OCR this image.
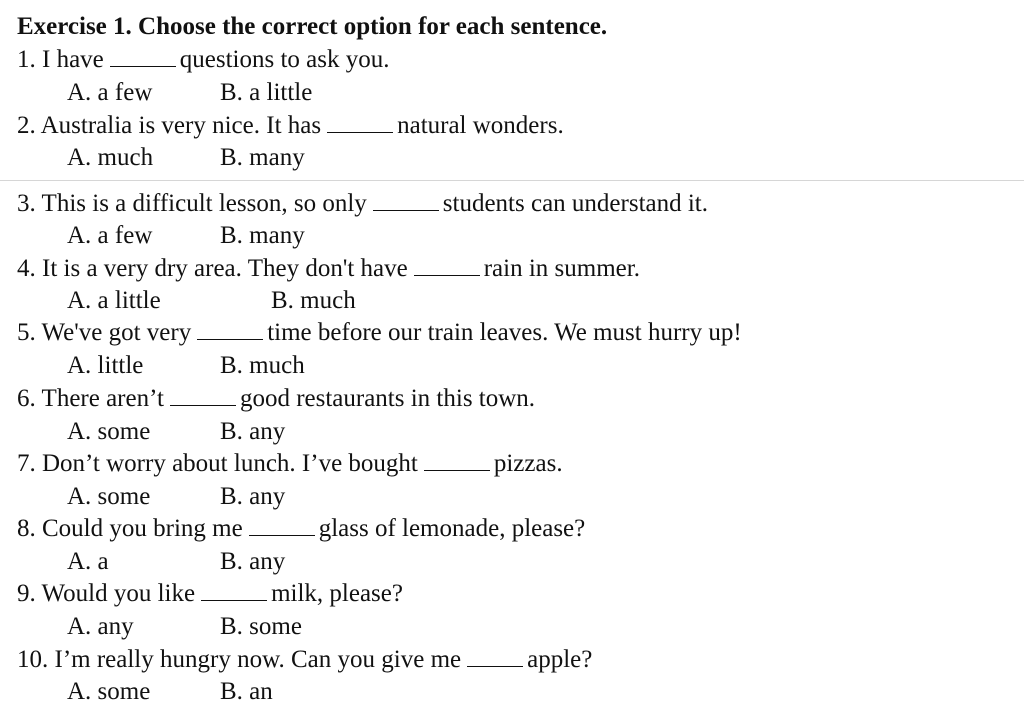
Exercise 1. Choose the correct option for each sentence.
1. I have	questions to ask you.
A. a few	B. a little
2. Australia is very nice. It has	natural wonders.
A. much	B. many
3. This is a difficult lesson, so only	students can understand it.
A. a few	B. many
4. It is a very dry area. They don't have	rain in summer.
A. a little	B. much
5. We've got very	time before our train leaves. We must hurry up!
A. little	B. much
6. There aren’t	good restaurants in this town.
A. some	B. any
7. Don’t worry about lunch. I’ve bought	pizzas.
A. some	B. any
8. Could you bring me	glass of lemonade, please?
A. a	B. any
9. Would you like	milk, please?
A. any	B. some
10. I’m really hungry now. Can you give me	apple?
A. some	B. an
